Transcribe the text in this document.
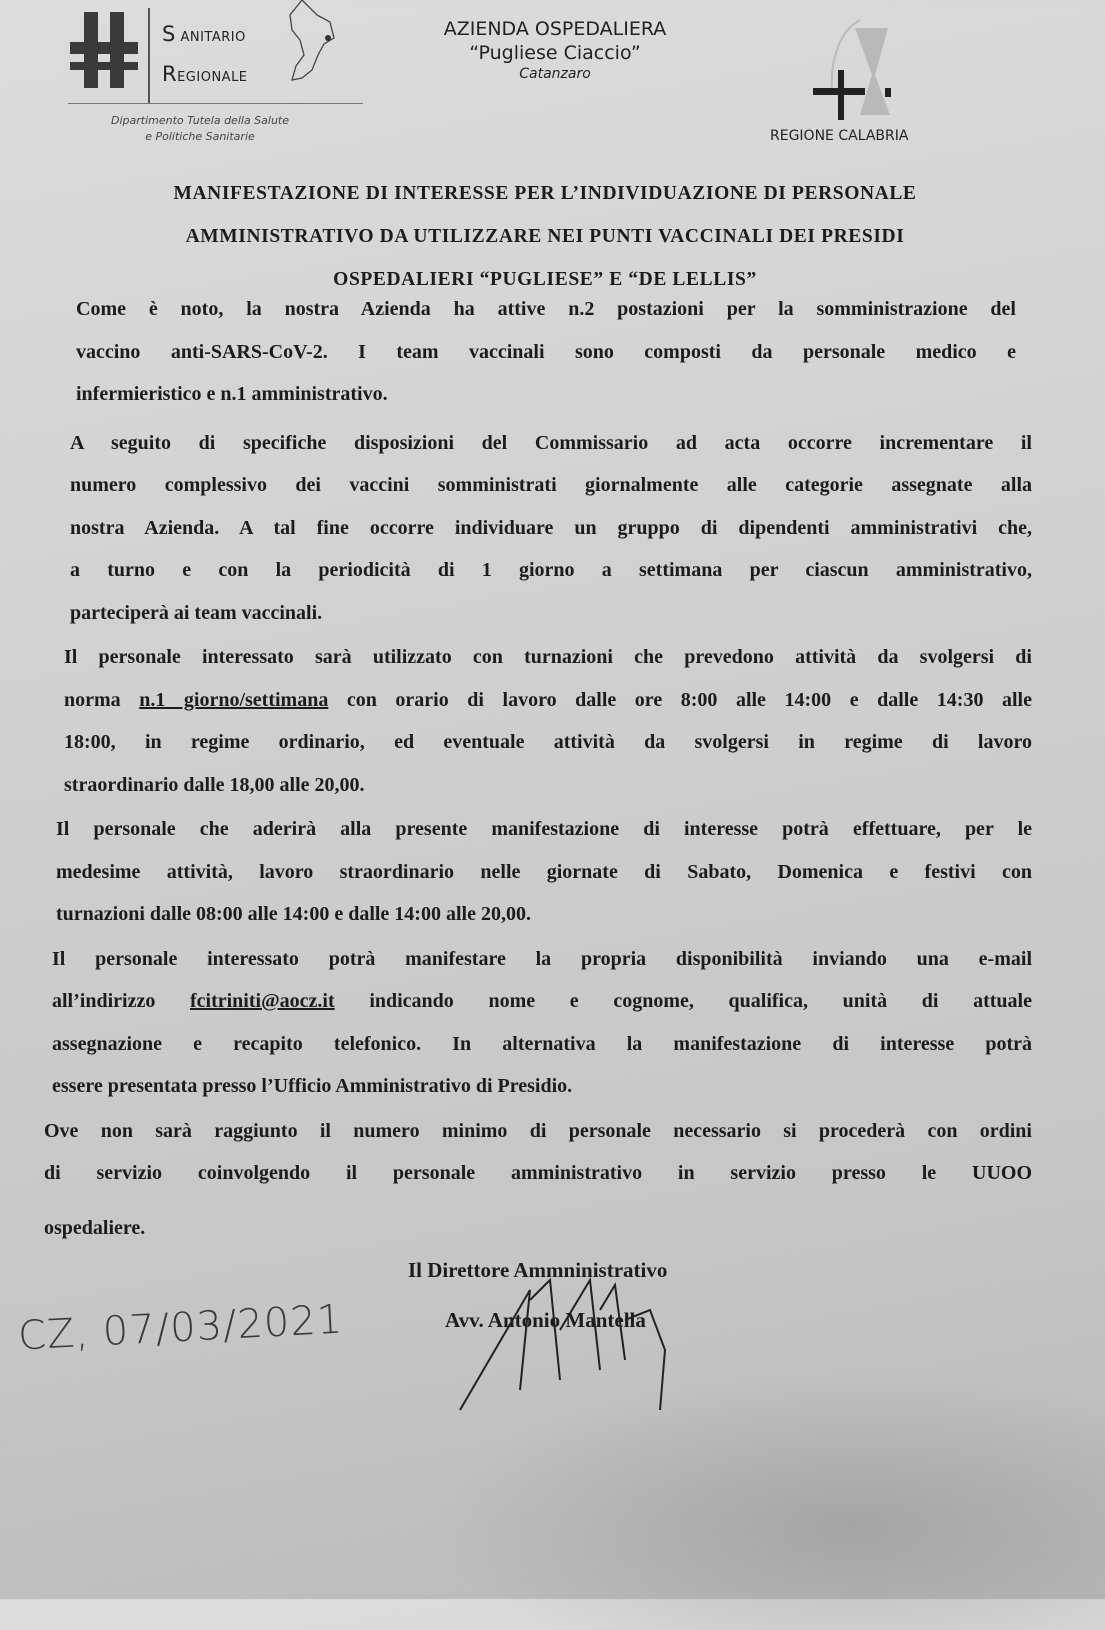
S ANITARIO
REGIONALE
Dipartimento Tutela della Salute
e Politiche Sanitarie
AZIENDA OSPEDALIERA
“Pugliese Ciaccio”
Catanzaro
REGIONE CALABRIA
MANIFESTAZIONE DI INTERESSE PER L’INDIVIDUAZIONE DI PERSONALE
AMMINISTRATIVO DA UTILIZZARE NEI PUNTI VACCINALI DEI PRESIDI
OSPEDALIERI “PUGLIESE” E “DE LELLIS”
Come è noto, la nostra Azienda ha attive n.2 postazioni per la somministrazione del
vaccino anti-SARS-CoV-2. I team vaccinali sono composti da personale medico e
infermieristico e n.1 amministrativo.
A seguito di specifiche disposizioni del Commissario ad acta occorre incrementare il
numero complessivo dei vaccini somministrati giornalmente alle categorie assegnate alla
nostra Azienda. A tal fine occorre individuare un gruppo di dipendenti amministrativi che,
a turno e con la periodicità di 1 giorno a settimana per ciascun amministrativo,
parteciperà ai team vaccinali.
Il personale interessato sarà utilizzato con turnazioni che prevedono attività da svolgersi di
norma n.1 giorno/settimana con orario di lavoro dalle ore 8:00 alle 14:00 e dalle 14:30 alle
18:00, in regime ordinario, ed eventuale attività da svolgersi in regime di lavoro
straordinario dalle 18,00 alle 20,00.
Il personale che aderirà alla presente manifestazione di interesse potrà effettuare, per le
medesime attività, lavoro straordinario nelle giornate di Sabato, Domenica e festivi con
turnazioni dalle 08:00 alle 14:00 e dalle 14:00 alle 20,00.
Il personale interessato potrà manifestare la propria disponibilità inviando una e-mail
all’indirizzo fcitriniti@aocz.it indicando nome e cognome, qualifica, unità di attuale
assegnazione e recapito telefonico. In alternativa la manifestazione di interesse potrà
essere presentata presso l’Ufficio Amministrativo di Presidio.
Ove non sarà raggiunto il numero minimo di personale necessario si procederà con ordini
di servizio coinvolgendo il personale amministrativo in servizio presso le UUOO
ospedaliere.
Il Direttore Ammninistrativo
Avv. Antonio Mantella
CZ, 07/03/2021
